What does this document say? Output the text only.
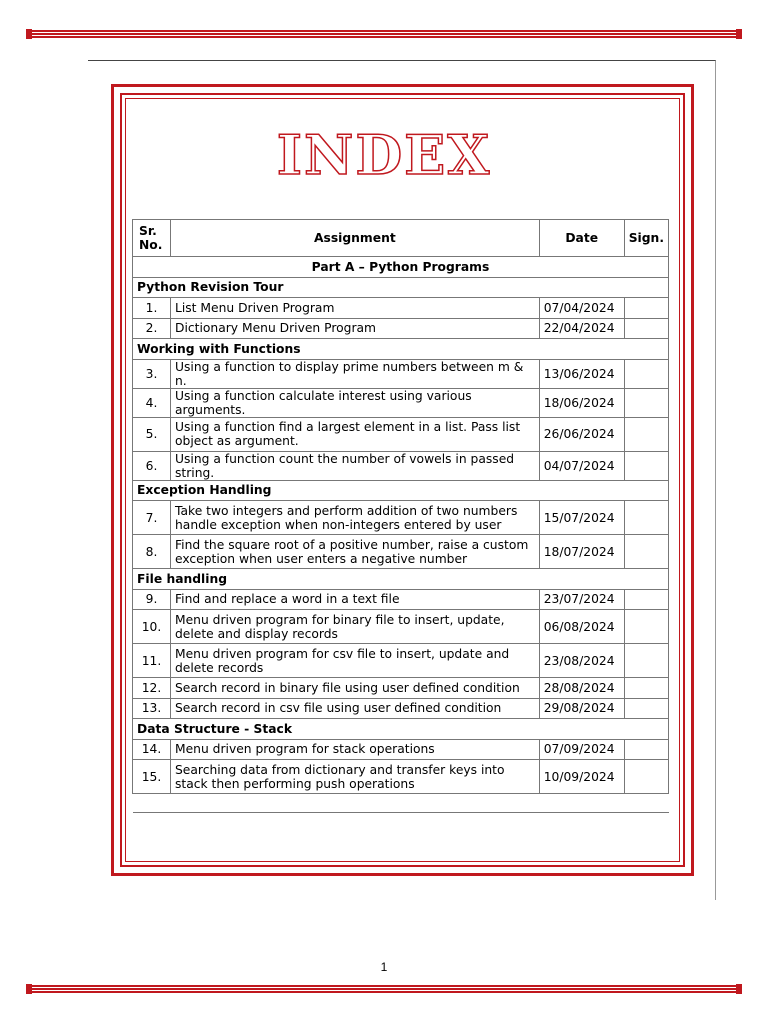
INDEX
Sr. No.	Assignment	Date	Sign.
Part A – Python Programs			
Python Revision Tour			
1.	List Menu Driven Program	07/04/2024	
2.	Dictionary Menu Driven Program	22/04/2024	
Working with Functions			
3.	Using a function to display prime numbers between m & n.	13/06/2024	
4.	Using a function calculate interest using various arguments.	18/06/2024	
5.	Using a function find a largest element in a list. Pass list object as argument.	26/06/2024	
6.	Using a function count the number of vowels in passed string.	04/07/2024	
Exception Handling			
7.	Take two integers and perform addition of two numbers handle exception when non-integers entered by user	15/07/2024	
8.	Find the square root of a positive number, raise a custom exception when user enters a negative number	18/07/2024	
File handling			
9.	Find and replace a word in a text file	23/07/2024	
10.	Menu driven program for binary file to insert, update, delete and display records	06/08/2024	
11.	Menu driven program for csv file to insert, update and delete records	23/08/2024	
12.	Search record in binary file using user defined condition	28/08/2024	
13.	Search record in csv file using user defined condition	29/08/2024	
Data Structure - Stack			
14.	Menu driven program for stack operations	07/09/2024	
15.	Searching data from dictionary and transfer keys into stack then performing push operations	10/09/2024	

1
